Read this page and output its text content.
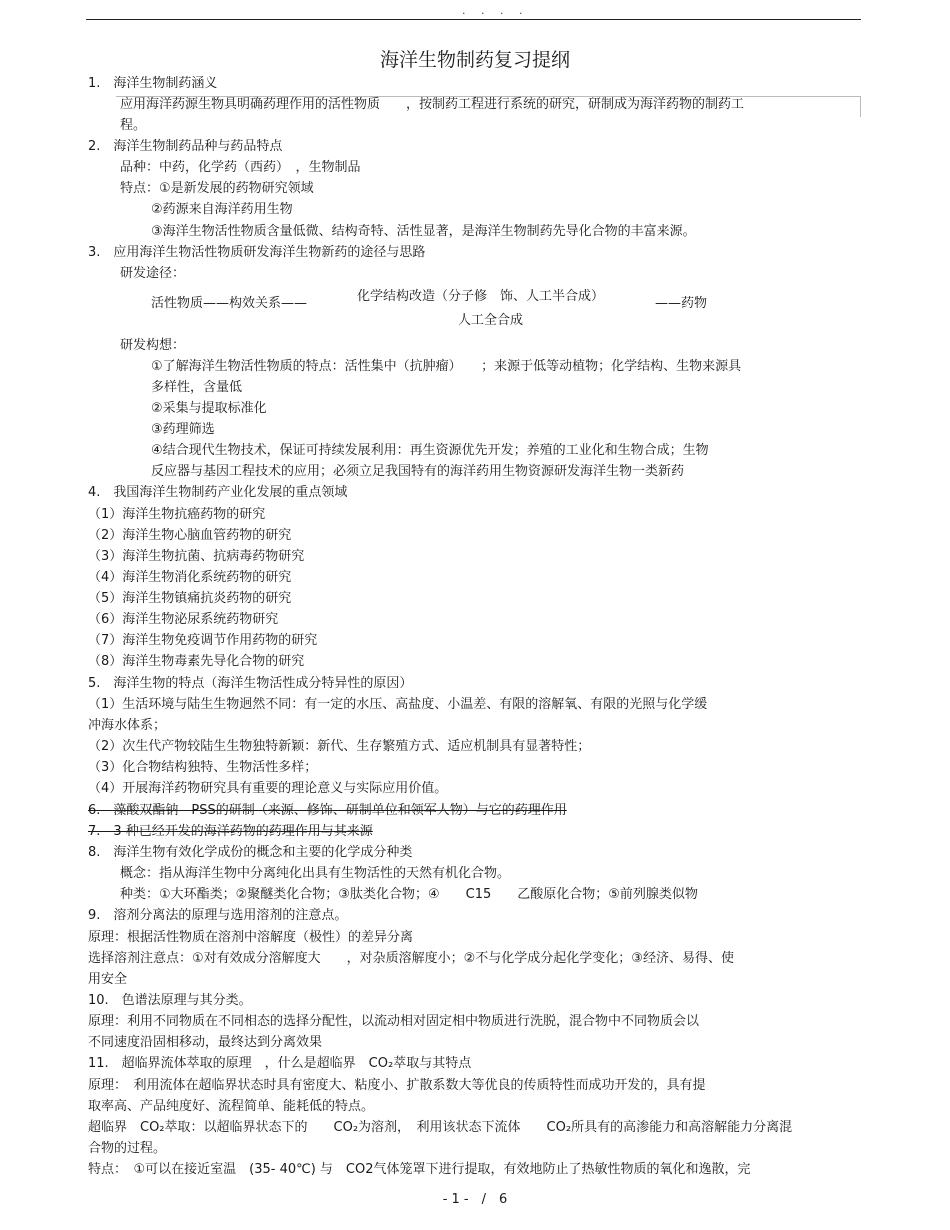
. . . .
海洋生物制药复习提纲
1.　海洋生物制药涵义
应用海洋药源生物具明确药理作用的活性物质　　，按制药工程进行系统的研究，研制成为海洋药物的制药工
程。
2.　海洋生物制药品种与药品特点
品种：中药，化学药（西药）　，生物制品
特点：①是新发展的药物研究领域
②药源来自海洋药用生物
③海洋生物活性物质含量低微、结构奇特、活性显著，是海洋生物制药先导化合物的丰富来源。
3.　应用海洋生物活性物质研发海洋生物新药的途径与思路
研发途径：
活性物质——构效关系——	化学结构改造（分子修　饰、人工半合成）	——药物
人工全合成
研发构想：
①了解海洋生物活性物质的特点：活性集中（抗肿瘤）　　；来源于低等动植物；化学结构、生物来源具
多样性，含量低
②采集与提取标准化
③药理筛选
④结合现代生物技术，保证可持续发展利用：再生资源优先开发；养殖的工业化和生物合成；生物
反应器与基因工程技术的应用；必须立足我国特有的海洋药用生物资源研发海洋生物一类新药
4.　我国海洋生物制药产业化发展的重点领域
（1）海洋生物抗癌药物的研究
（2）海洋生物心脑血管药物的研究
（3）海洋生物抗菌、抗病毒药物研究
（4）海洋生物消化系统药物的研究
（5）海洋生物镇痛抗炎药物的研究
（6）海洋生物泌尿系统药物研究
（7）海洋生物免疫调节作用药物的研究
（8）海洋生物毒素先导化合物的研究
5.　海洋生物的特点（海洋生物活性成分特异性的原因）
（1）生活环境与陆生生物迥然不同：有一定的水压、高盐度、小温差、有限的溶解氧、有限的光照与化学缓
冲海水体系；
（2）次生代产物较陆生生物独特新颖：新代、生存繁殖方式、适应机制具有显著特性；
（3）化合物结构独特、生物活性多样；
（4）开展海洋药物研究具有重要的理论意义与实际应用价值。
6.　藻酸双酯钠　PSS的研制（来源、修饰、研制单位和领军人物）与它的药理作用
7.　3 种已经开发的海洋药物的药理作用与其来源
8.　海洋生物有效化学成份的概念和主要的化学成分种类
概念：指从海洋生物中分离纯化出具有生物活性的天然有机化合物。
种类：①大环酯类；②聚醚类化合物；③肽类化合物；④　　C15　　乙酸原化合物；⑤前列腺类似物
9.　溶剂分离法的原理与选用溶剂的注意点。
原理：根据活性物质在溶剂中溶解度（极性）的差异分离
选择溶剂注意点：①对有效成分溶解度大　　，对杂质溶解度小；②不与化学成分起化学变化；③经济、易得、使
用安全
10.　色谱法原理与其分类。
原理：利用不同物质在不同相态的选择分配性，以流动相对固定相中物质进行洗脱，混合物中不同物质会以
不同速度沿固相移动，最终达到分离效果
11.　超临界流体萃取的原理　，什么是超临界　CO₂萃取与其特点
原理：　利用流体在超临界状态时具有密度大、粘度小、扩散系数大等优良的传质特性而成功开发的，具有提
取率高、产品纯度好、流程简单、能耗低的特点。
超临界　CO₂萃取：以超临界状态下的　　CO₂为溶剂，　利用该状态下流体　　CO₂所具有的高渗能力和高溶解能力分离混
合物的过程。
特点：　①可以在接近室温　(35- 40℃) 与　CO2气体笼罩下进行提取，有效地防止了热敏性物质的氧化和逸散，完
- 1 -　/　6
